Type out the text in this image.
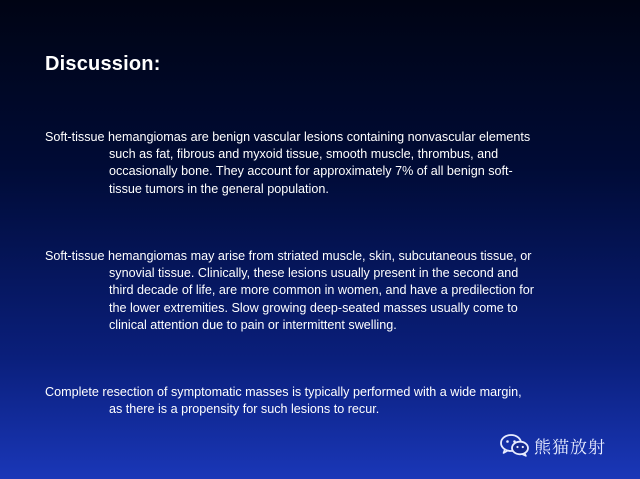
Discussion:
Soft-tissue hemangiomas are benign vascular lesions containing nonvascular elements
such as fat, fibrous and myxoid tissue, smooth muscle, thrombus, and
occasionally bone. They account for approximately 7% of all benign soft-
tissue tumors in the general population.
Soft-tissue hemangiomas may arise from striated muscle, skin, subcutaneous tissue, or
synovial tissue. Clinically, these lesions usually present in the second and
third decade of life, are more common in women, and have a predilection for
the lower extremities. Slow growing deep-seated masses usually come to
clinical attention due to pain or intermittent swelling.
Complete resection of symptomatic masses is typically performed with a wide margin,
as there is a propensity for such lesions to recur.
熊猫放射
